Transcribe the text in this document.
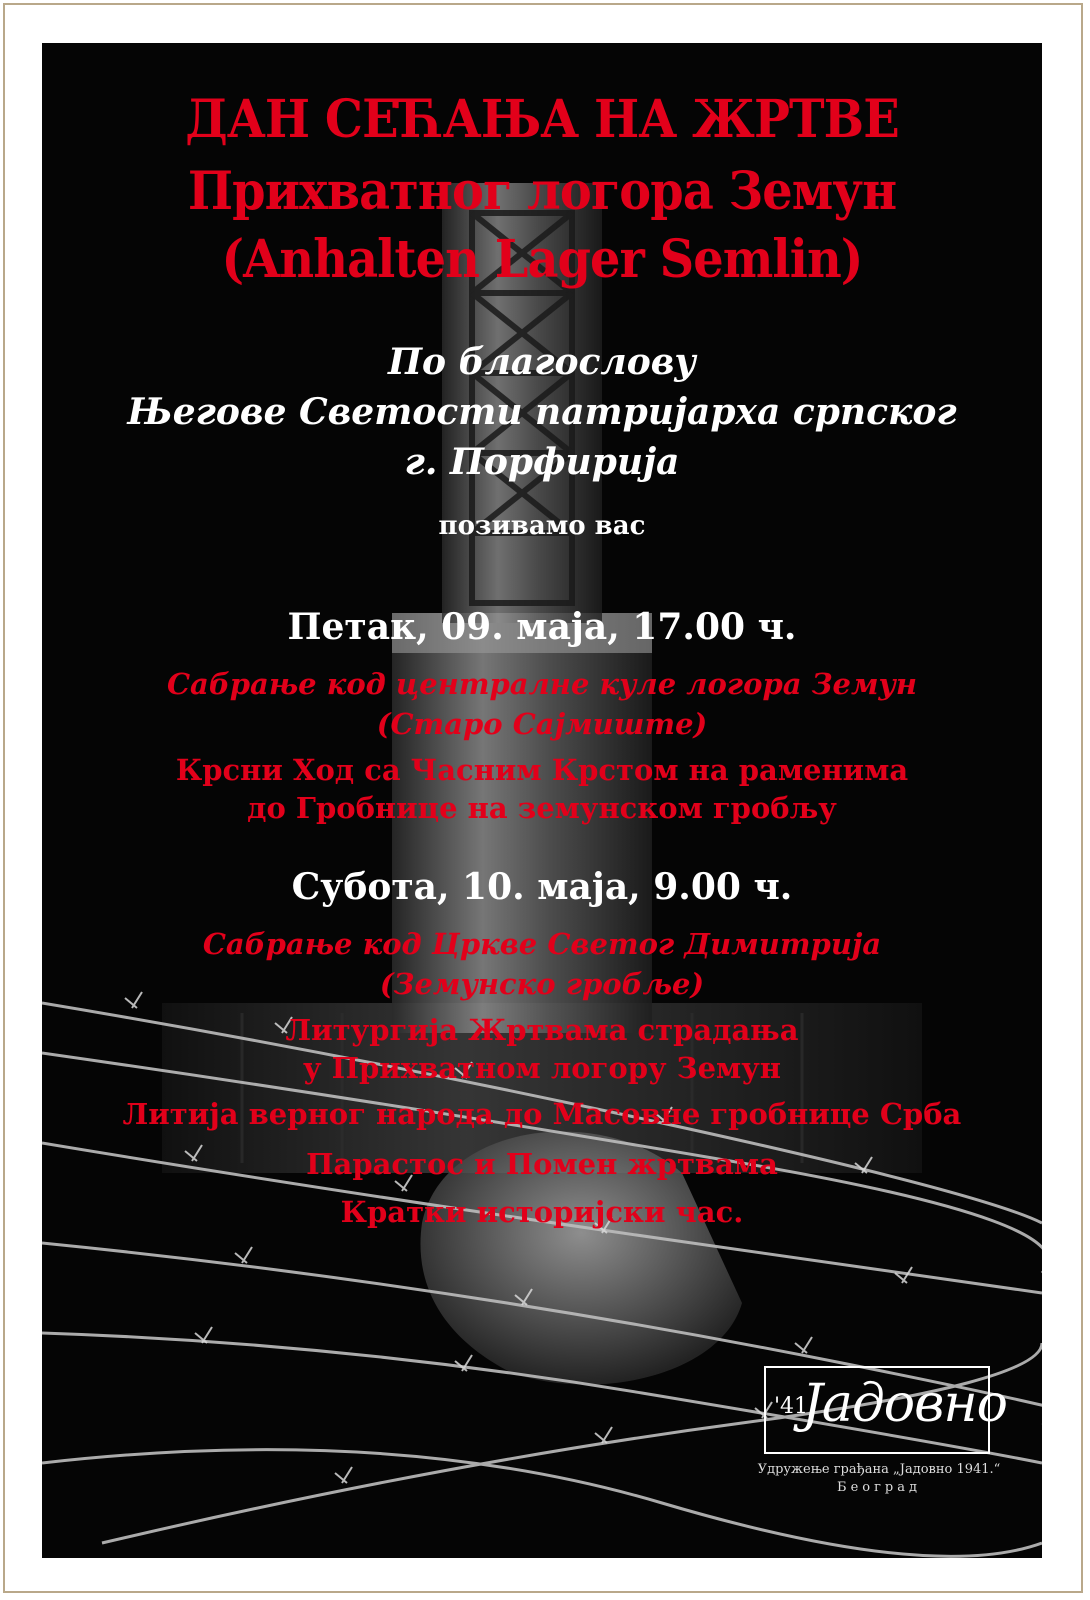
ДАН СЕЋАЊА НА ЖРТВЕ
Прихватног логора Земун
(Anhalten Lager Semlin)
По благослову
Његове Светости патријарха српског
г. Порфирија
позивамо вас
Петак, 09. маја, 17.00 ч.
Сабрање код централне куле логора Земун
(Старо Сајмиште)
Крсни Ход са Часним Крстом на раменима
до Гробнице на земунском гробљу
Субота, 10. маја, 9.00 ч.
Сабрање код Цркве Светог Димитрија
(Земунско гробље)
Литургија Жртвама страдања
у Прихватном логору Земун
Литија верног народа до Масовне гробнице Срба
Парастос и Помен жртвама
Кратки историјски час.
'41
Јадовно
Удружење грађана „Јадовно 1941.“
Београд
